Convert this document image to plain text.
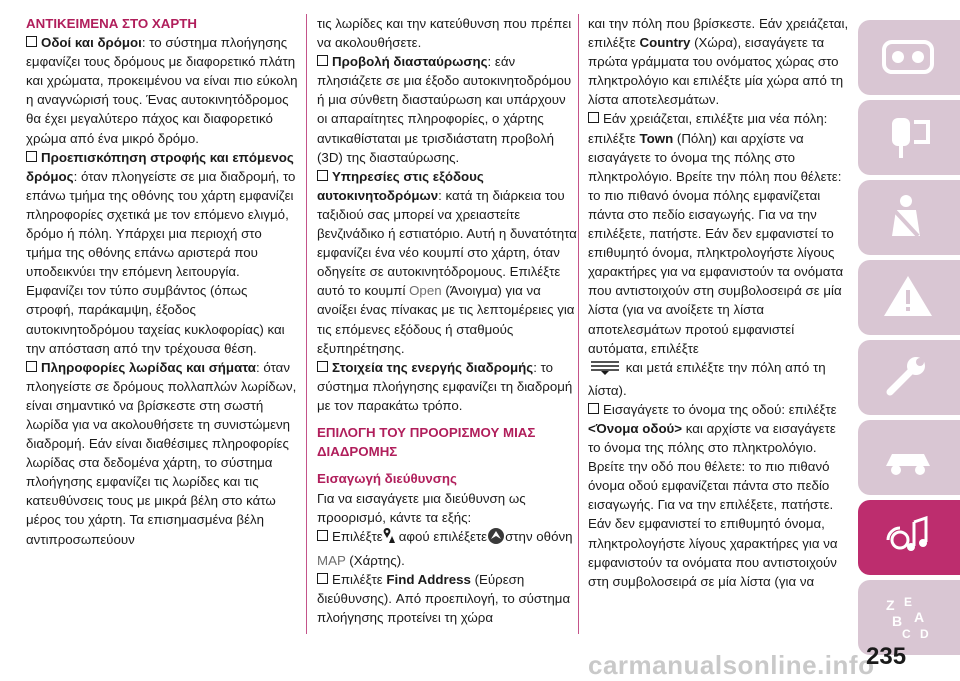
ΑΝΤΙΚΕΙΜΕΝΑ ΣΤΟ ΧΑΡΤΗ

Οδοί και δρόμοι: το σύστημα πλοήγησης εμφανίζει τους δρόμους με διαφορετικό πλάτη και χρώματα, προκειμένου να είναι πιο εύκολη η αναγνώρισή τους. Ένας αυτοκινητόδρομος θα έχει μεγαλύτερο πάχος και διαφορετικό χρώμα από ένα μικρό δρόμο.

Προεπισκόπηση στροφής και επόμενος δρόμος: όταν πλοηγείστε σε μια διαδρομή, το επάνω τμήμα της οθόνης του χάρτη εμφανίζει πληροφορίες σχετικά με τον επόμενο ελιγμό, δρόμο ή πόλη. Υπάρχει μια περιοχή στο τμήμα της οθόνης επάνω αριστερά που υποδεικνύει την επόμενη λειτουργία. Εμφανίζει τον τύπο συμβάντος (όπως στροφή, παράκαμψη, έξοδος αυτοκινητοδρόμου ταχείας κυκλοφορίας) και την απόσταση από την τρέχουσα θέση.

Πληροφορίες λωρίδας και σήματα: όταν πλοηγείστε σε δρόμους πολλαπλών λωρίδων, είναι σημαντικό να βρίσκεστε στη σωστή λωρίδα για να ακολουθήσετε τη συνιστώμενη διαδρομή. Εάν είναι διαθέσιμες πληροφορίες λωρίδας στα δεδομένα χάρτη, το σύστημα πλοήγησης εμφανίζει τις λωρίδες και τις κατευθύνσεις τους με μικρά βέλη στο κάτω μέρος του χάρτη. Τα επισημασμένα βέλη αντιπροσωπεύουν

τις λωρίδες και την κατεύθυνση που πρέπει να ακολουθήσετε.

Προβολή διασταύρωσης: εάν πλησιάζετε σε μια έξοδο αυτοκινητοδρόμου ή μια σύνθετη διασταύρωση και υπάρχουν οι απαραίτητες πληροφορίες, ο χάρτης αντικαθίσταται με τρισδιάστατη προβολή (3D) της διασταύρωσης.

Υπηρεσίες στις εξόδους αυτοκινητοδρόμων: κατά τη διάρκεια του ταξιδιού σας μπορεί να χρειαστείτε βενζινάδικο ή εστιατόριο. Αυτή η δυνατότητα εμφανίζει ένα νέο κουμπί στο χάρτη, όταν οδηγείτε σε αυτοκινητόδρομους. Επιλέξτε αυτό το κουμπί Open (Άνοιγμα) για να ανοίξει ένας πίνακας με τις λεπτομέρειες για τις επόμενες εξόδους ή σταθμούς εξυπηρέτησης.

Στοιχεία της ενεργής διαδρομής: το σύστημα πλοήγησης εμφανίζει τη διαδρομή με τον παρακάτω τρόπο.

ΕΠΙΛΟΓΗ ΤΟΥ ΠΡΟΟΡΙΣΜΟΥ ΜΙΑΣ ΔΙΑΔΡΟΜΗΣ

Εισαγωγή διεύθυνσης

Για να εισαγάγετε μια διεύθυνση ως προορισμό, κάντε τα εξής:

Επιλέξτε αφού επιλέξετε στην οθόνη MAP (Χάρτης).

Επιλέξτε Find Address (Εύρεση διεύθυνσης). Από προεπιλογή, το σύστημα πλοήγησης προτείνει τη χώρα

και την πόλη που βρίσκεστε. Εάν χρειάζεται, επιλέξτε Country (Χώρα), εισαγάγετε τα πρώτα γράμματα του ονόματος χώρας στο πληκτρολόγιο και επιλέξτε μία χώρα από τη λίστα αποτελεσμάτων.

Εάν χρειάζεται, επιλέξτε μια νέα πόλη: επιλέξτε Town (Πόλη) και αρχίστε να εισαγάγετε το όνομα της πόλης στο πληκτρολόγιο. Βρείτε την πόλη που θέλετε: το πιο πιθανό όνομα πόλης εμφανίζεται πάντα στο πεδίο εισαγωγής. Για να την επιλέξετε, πατήστε. Εάν δεν εμφανιστεί το επιθυμητό όνομα, πληκτρολογήστε λίγους χαρακτήρες για να εμφανιστούν τα ονόματα που αντιστοιχούν στη συμβολοσειρά σε μία λίστα (για να ανοίξετε τη λίστα αποτελεσμάτων προτού εμφανιστεί αυτόματα, επιλέξτε
και μετά επιλέξτε την πόλη από τη λίστα).

Εισαγάγετε το όνομα της οδού: επιλέξτε <Όνομα οδού> και αρχίστε να εισαγάγετε το όνομα της πόλης στο πληκτρολόγιο. Βρείτε την οδό που θέλετε: το πιο πιθανό όνομα οδού εμφανίζεται πάντα στο πεδίο εισαγωγής. Για να την επιλέξετε, πατήστε. Εάν δεν εμφανιστεί το επιθυμητό όνομα, πληκτρολογήστε λίγους χαρακτήρες για να εμφανιστούν τα ονόματα που αντιστοιχούν στη συμβολοσειρά σε μία λίστα (για να

Z E
B A
C D
carmanualsonline.info
235
